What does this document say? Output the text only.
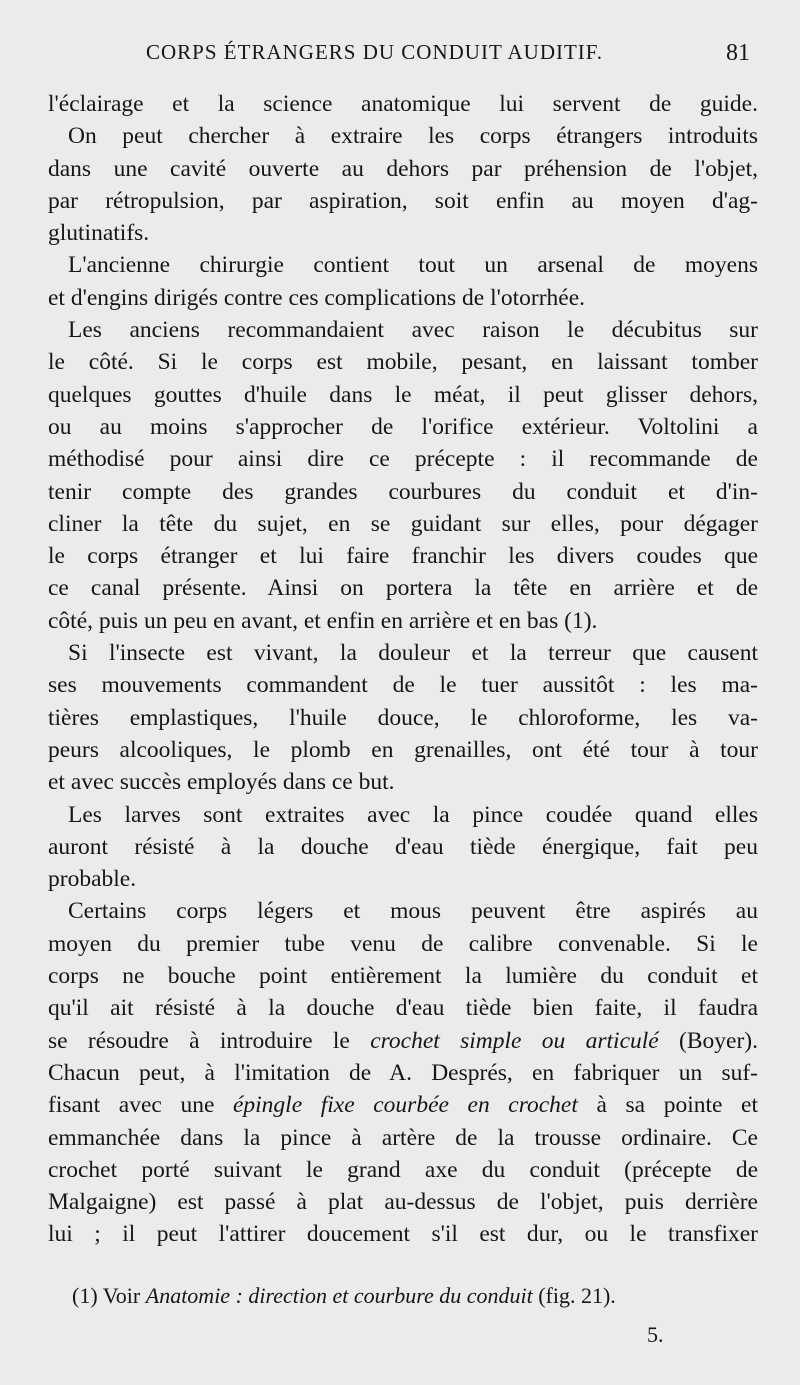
CORPS ÉTRANGERS DU CONDUIT AUDITIF.	81
l'éclairage et la science anatomique lui servent de guide.
On peut chercher à extraire les corps étrangers introduits
dans une cavité ouverte au dehors par préhension de l'objet,
par rétropulsion, par aspiration, soit enfin au moyen d'ag-
glutinatifs.
L'ancienne chirurgie contient tout un arsenal de moyens
et d'engins dirigés contre ces complications de l'otorrhée.
Les anciens recommandaient avec raison le décubitus sur
le côté. Si le corps est mobile, pesant, en laissant tomber
quelques gouttes d'huile dans le méat, il peut glisser dehors,
ou au moins s'approcher de l'orifice extérieur. Voltolini a
méthodisé pour ainsi dire ce précepte : il recommande de
tenir compte des grandes courbures du conduit et d'in-
cliner la tête du sujet, en se guidant sur elles, pour dégager
le corps étranger et lui faire franchir les divers coudes que
ce canal présente. Ainsi on portera la tête en arrière et de
côté, puis un peu en avant, et enfin en arrière et en bas (1).
Si l'insecte est vivant, la douleur et la terreur que causent
ses mouvements commandent de le tuer aussitôt : les ma-
tières emplastiques, l'huile douce, le chloroforme, les va-
peurs alcooliques, le plomb en grenailles, ont été tour à tour
et avec succès employés dans ce but.
Les larves sont extraites avec la pince coudée quand elles
auront résisté à la douche d'eau tiède énergique, fait peu
probable.
Certains corps légers et mous peuvent être aspirés au
moyen du premier tube venu de calibre convenable. Si le
corps ne bouche point entièrement la lumière du conduit et
qu'il ait résisté à la douche d'eau tiède bien faite, il faudra
se résoudre à introduire le crochet simple ou articulé (Boyer).
Chacun peut, à l'imitation de A. Després, en fabriquer un suf-
fisant avec une épingle fixe courbée en crochet à sa pointe et
emmanchée dans la pince à artère de la trousse ordinaire. Ce
crochet porté suivant le grand axe du conduit (précepte de
Malgaigne) est passé à plat au-dessus de l'objet, puis derrière
lui ; il peut l'attirer doucement s'il est dur, ou le transfixer
(1) Voir Anatomie : direction et courbure du conduit (fig. 21).
5.
